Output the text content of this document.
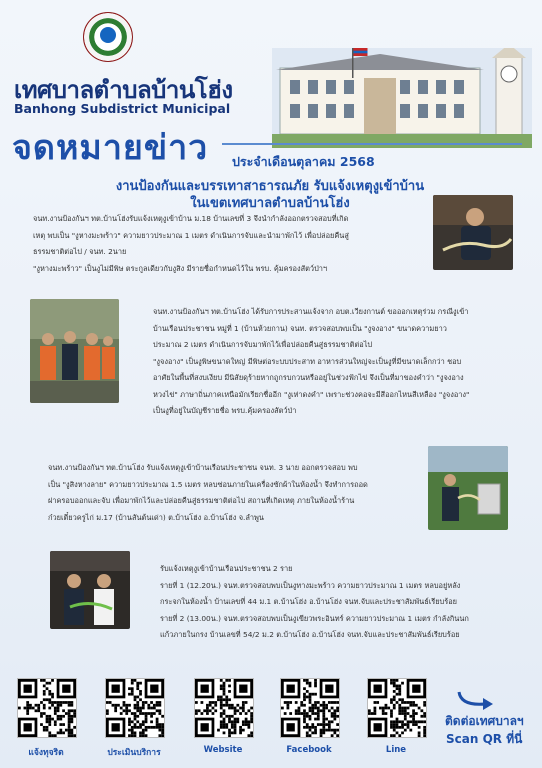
เทศบาลตำบลบ้านโฮ่ง
Banhong Subdistrict Municipal
จดหมายข่าว ประจำเดือนตุลาคม 2568
งานป้องกันและบรรเทาสาธารณภัย รับแจ้งเหตุงูเข้าบ้าน
ในเขตเทศบาลตำบลบ้านโฮ่ง
จนท.งานป้องกันฯ ทต.บ้านโฮ่งรับแจ้งเหตุงูเข้าบ้าน ม.18 บ้านเลขที่ 3 จึงนำกำลังออกตรวจสอบที่เกิด
เหตุ พบเป็น "งูหางมะพร้าว" ความยาวประมาณ 1 เมตร ดำเนินการจับและนำมาพักไว้ เพื่อปล่อยคืนสู่
ธรรมชาติต่อไป / จนท. 2นาย
"งูหางมะพร้าว" เป็นงูไม่มีพิษ ตระกูลเดียวกับงูสิง มีรายชื่อกำหนดไว้ใน พรบ. คุ้มครองสัตว์ป่าฯ
จนท.งานป้องกันฯ ทต.บ้านโฮ่ง ได้รับการประสานแจ้งจาก อบต.เวียงกานต์ ขอออกเหตุร่วม กรณีงูเข้า
บ้านเรือนประชาชน หมู่ที่ 1 (บ้านห้วยกาน) จนท. ตรวจสอบพบเป็น "งูจงอาง" ขนาดความยาว
ประมาณ 2 เมตร ดำเนินการจับมาพักไว้เพื่อปล่อยคืนสู่ธรรมชาติต่อไป
"งูจงอาง" เป็นงูพิษขนาดใหญ่ มีพิษต่อระบบประสาท อาหารส่วนใหญ่จะเป็นงูที่มีขนาดเล็กกว่า ชอบ
อาศัยในพื้นที่สงบเงียบ มีนิสัยดุร้ายหากถูกรบกวนหรืออยู่ในช่วงฟักไข่ จึงเป็นที่มาของคำว่า "งูจงอาง
หวงไข่" ภาษาถิ่นภาคเหนือมักเรียกชื่ออีก "งูเห่าดงคำ" เพราะช่วงคอจะมีสีออกไหนสีเหลือง "งูจงอาง"
เป็นงูที่อยู่ในบัญชีรายชื่อ พรบ.คุ้มครองสัตว์ป่า
จนท.งานป้องกันฯ ทต.บ้านโฮ่ง รับแจ้งเหตุงูเข้าบ้านเรือนประชาชน จนท. 3 นาย ออกตรวจสอบ พบ
เป็น "งูสิงหางลาย" ความยาวประมาณ 1.5 เมตร หลบซ่อนภายในเครื่องซักผ้าในห้องน้ำ จึงทำการถอด
ฝาครอบออกและจับ เพื่อมาพักไว้และปล่อยคืนสู่ธรรมชาติต่อไป สถานที่เกิดเหตุ ภายในห้องน้ำร้าน
ก๋วยเตี๋ยวครูไก่ ม.17 (บ้านสันต้นเด่า) ต.บ้านโฮ่ง อ.บ้านโฮ่ง จ.ลำพูน
รับแจ้งเหตุงูเข้าบ้านเรือนประชาชน 2 ราย
รายที่ 1 (12.20น.) จนท.ตรวจสอบพบเป็นงูทางมะพร้าว ความยาวประมาณ 1 เมตร หลบอยู่หลัง
กระจกในห้องน้ำ บ้านเลขที่ 44 ม.1 ต.บ้านโฮ่ง อ.บ้านโฮ่ง จนท.จับและประชาสัมพันธ์เรียบร้อย
รายที่ 2 (13.00น.) จนท.ตรวจสอบพบเป็นงูเขียวพระอินทร์ ความยาวประมาณ 1 เมตร กำลังกินนก
แก้วภายในกรง บ้านเลขที่ 54/2 ม.2 ต.บ้านโฮ่ง อ.บ้านโฮ่ง จนท.จับและประชาสัมพันธ์เรียบร้อย
แจ้งทุจริต	ประเมินบริการ	Website	Facebook	Line
ติดต่อเทศบาลฯ
Scan QR ที่นี่
